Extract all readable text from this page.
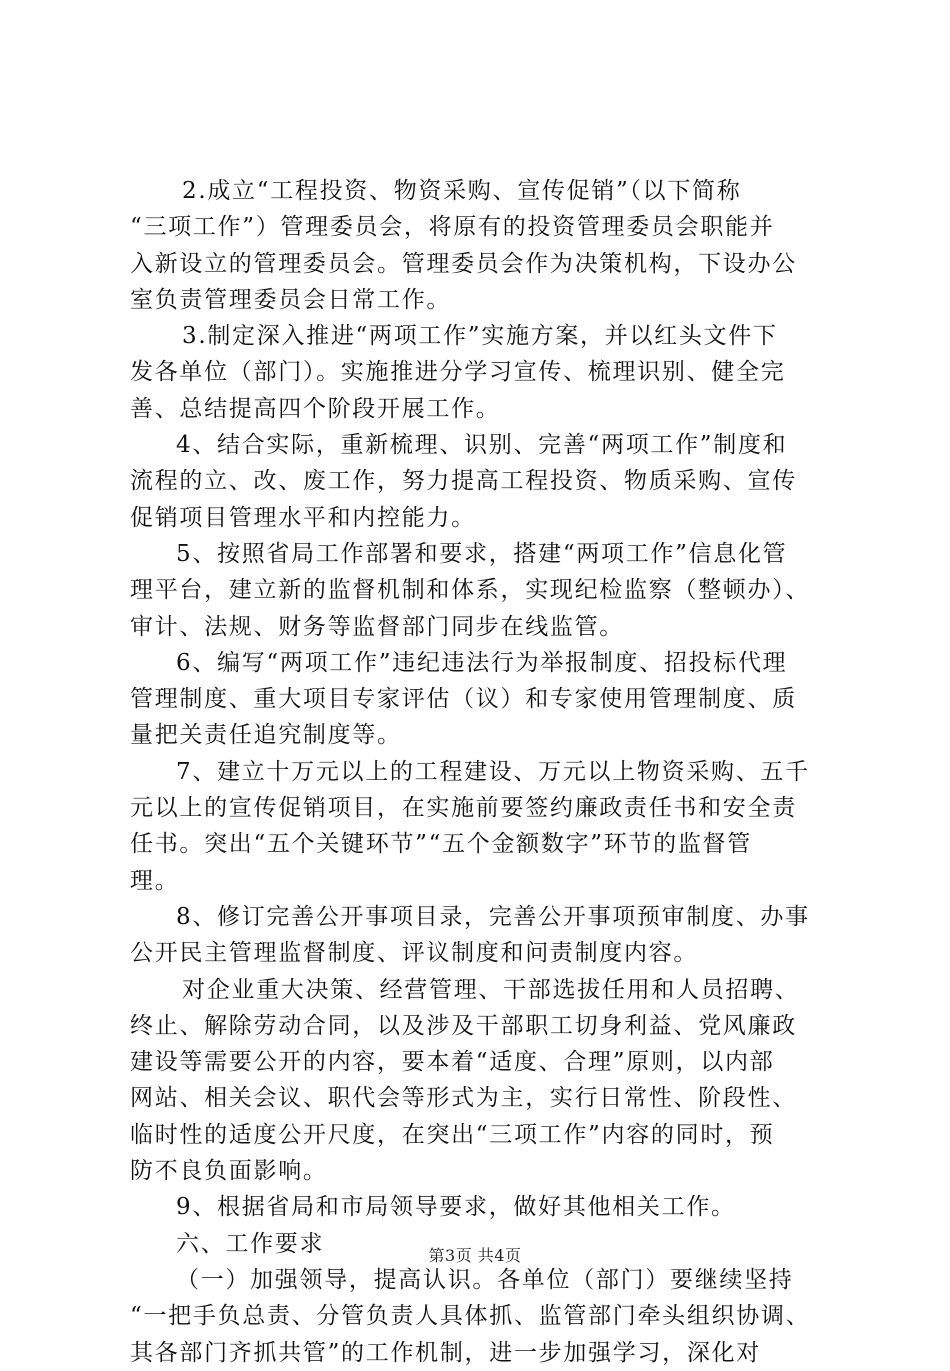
2.成立“工程投资、物资采购、宣传促销”（以下简称
“三项工作”）管理委员会，将原有的投资管理委员会职能并
入新设立的管理委员会。管理委员会作为决策机构，下设办公
室负责管理委员会日常工作。
3.制定深入推进“两项工作”实施方案，并以红头文件下
发各单位（部门）。实施推进分学习宣传、梳理识别、健全完
善、总结提高四个阶段开展工作。
4、结合实际，重新梳理、识别、完善“两项工作”制度和
流程的立、改、废工作，努力提高工程投资、物质采购、宣传
促销项目管理水平和内控能力。
5、按照省局工作部署和要求，搭建“两项工作”信息化管
理平台，建立新的监督机制和体系，实现纪检监察（整顿办）、
审计、法规、财务等监督部门同步在线监管。
6、编写“两项工作”违纪违法行为举报制度、招投标代理
管理制度、重大项目专家评估（议）和专家使用管理制度、质
量把关责任追究制度等。
7、建立十万元以上的工程建设、万元以上物资采购、五千
元以上的宣传促销项目，在实施前要签约廉政责任书和安全责
任书。突出“五个关键环节”“五个金额数字”环节的监督管
理。
8、修订完善公开事项目录，完善公开事项预审制度、办事
公开民主管理监督制度、评议制度和问责制度内容。
对企业重大决策、经营管理、干部选拔任用和人员招聘、
终止、解除劳动合同，以及涉及干部职工切身利益、党风廉政
建设等需要公开的内容，要本着“适度、合理”原则，以内部
网站、相关会议、职代会等形式为主，实行日常性、阶段性、
临时性的适度公开尺度，在突出“三项工作”内容的同时，预
防不良负面影响。
9、根据省局和市局领导要求，做好其他相关工作。
六、工作要求
（一）加强领导，提高认识。各单位（部门）要继续坚持
“一把手负总责、分管负责人具体抓、监管部门牵头组织协调、
其各部门齐抓共管”的工作机制，进一步加强学习，深化对
第3页 共4页
